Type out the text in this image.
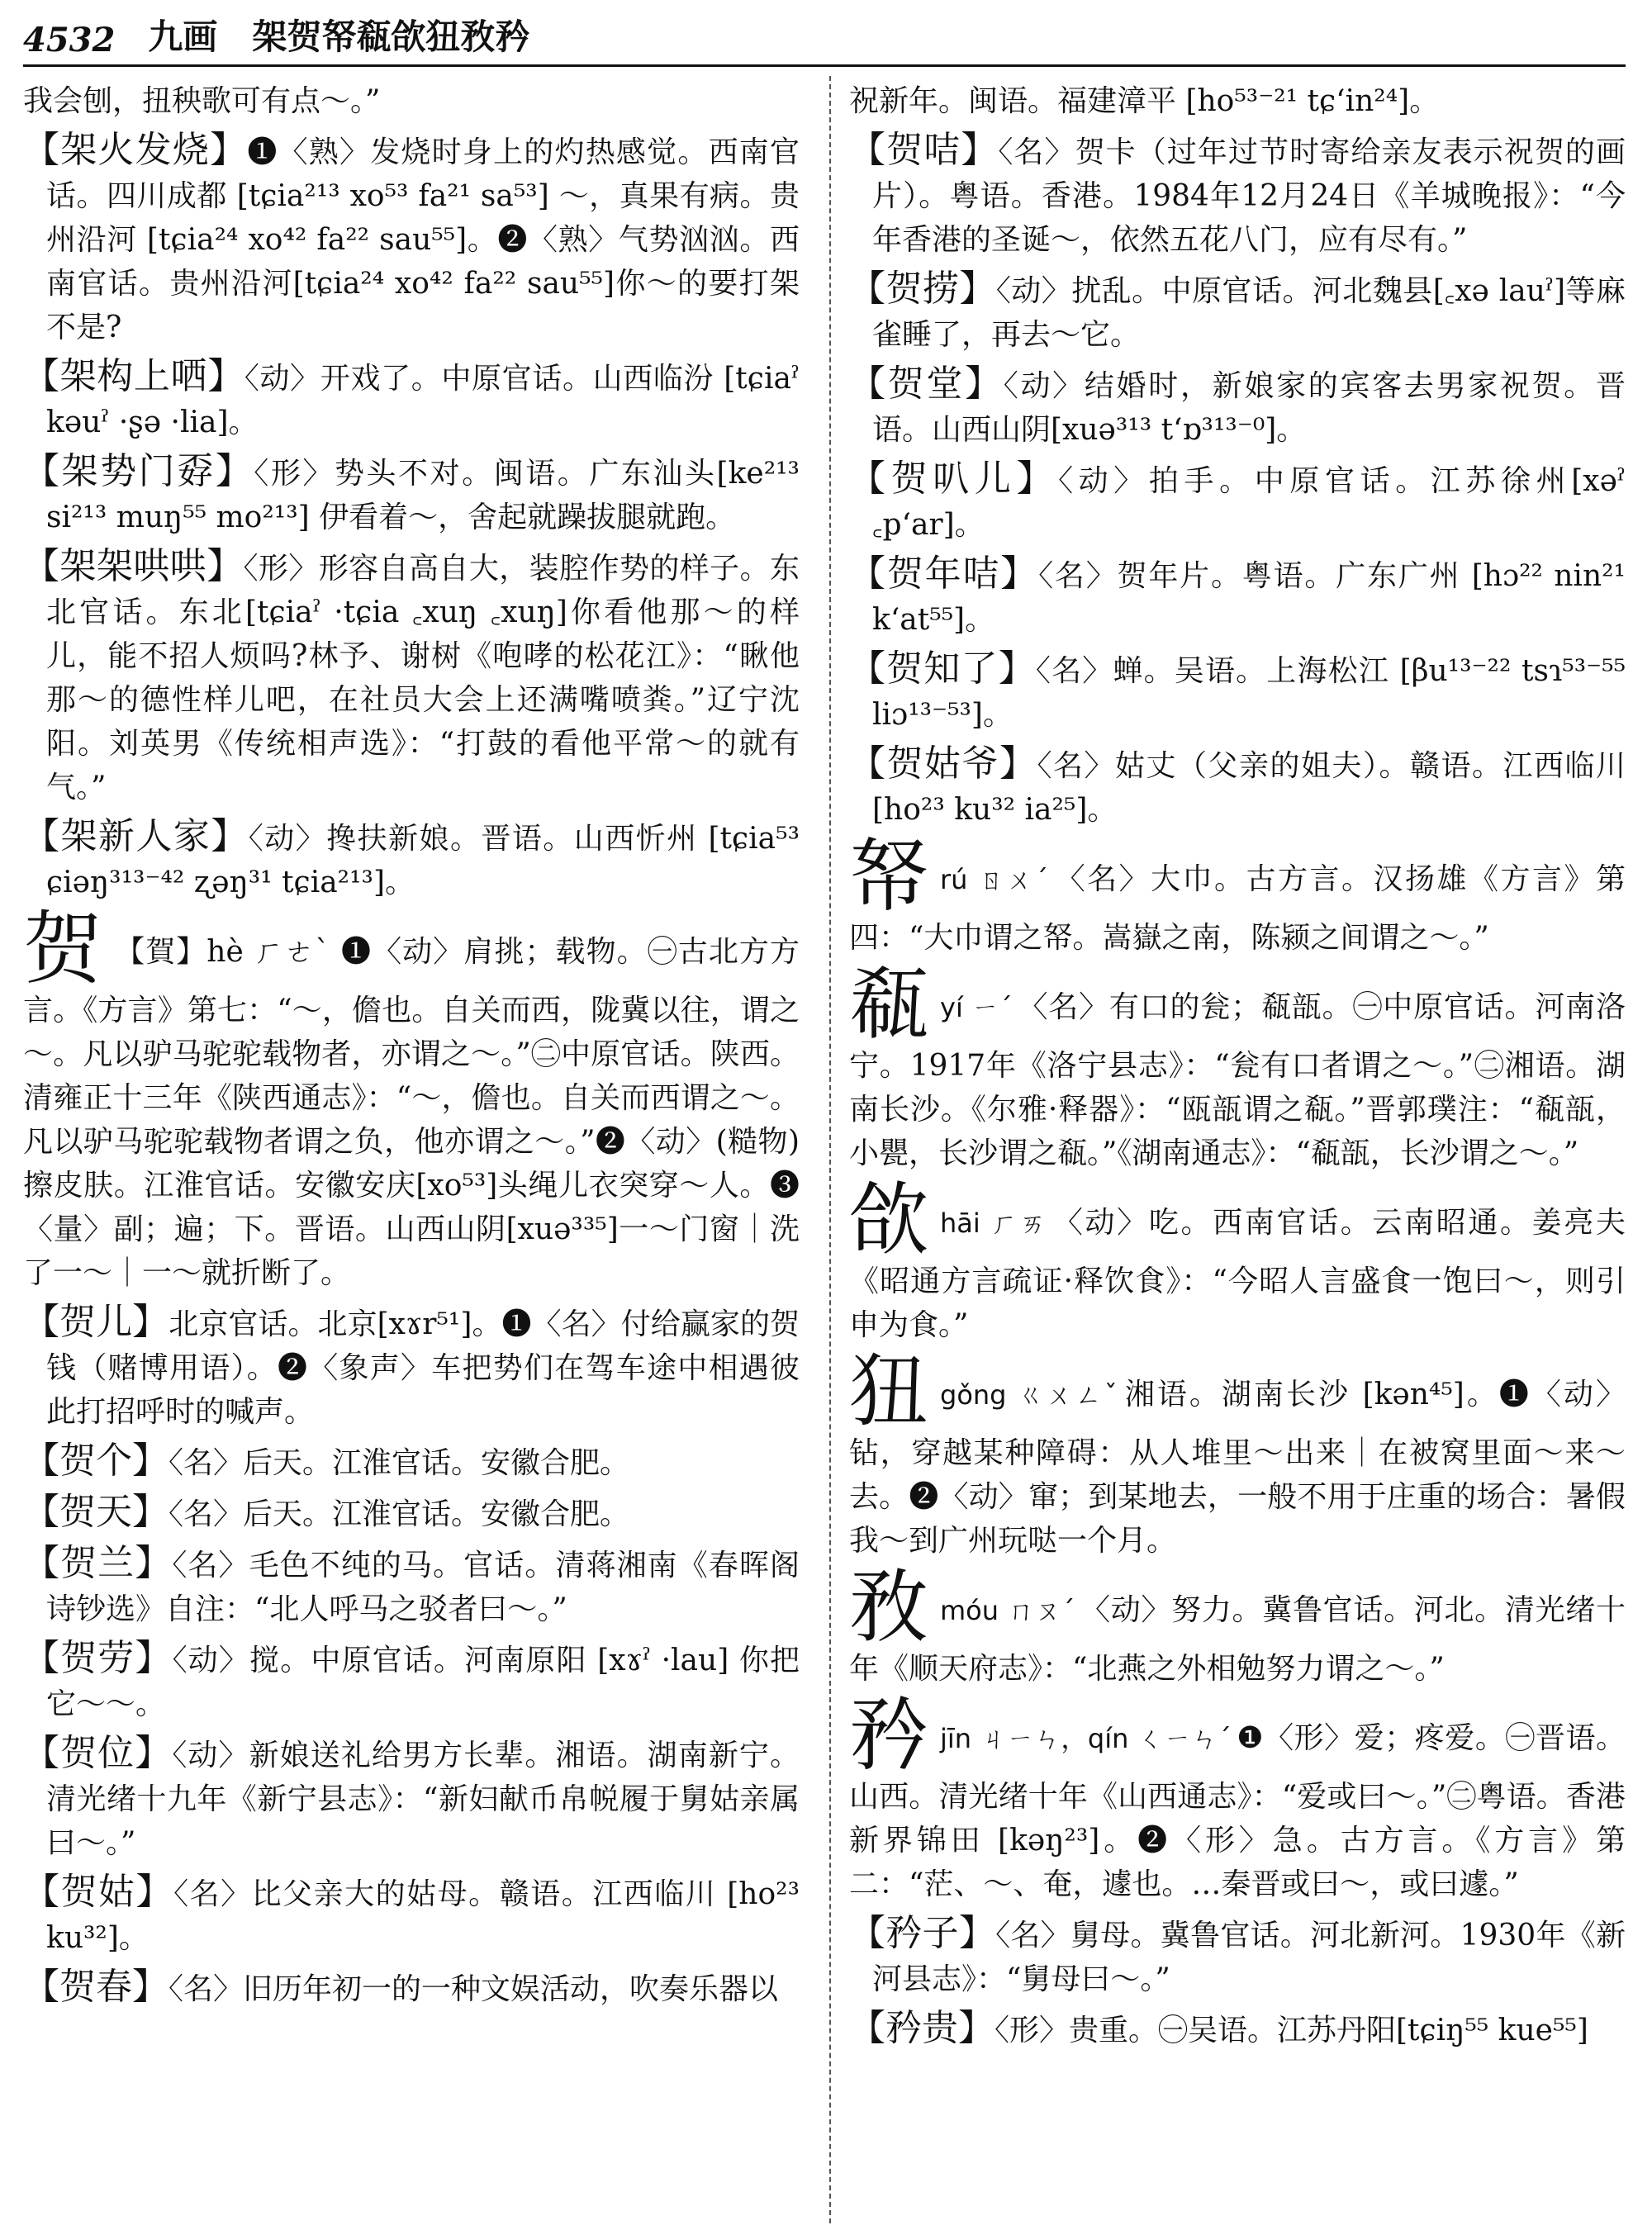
4532 九画　架贺帑瓻欱狃敄矜

我会刨，扭秧歌可有点～。”

【架火发烧】❶〈熟〉发烧时身上的灼热感觉。西南官话。四川成都 [tɕia²¹³ xo⁵³ fa²¹ sa⁵³] ～，真果有病。贵州沿河 [tɕia²⁴ xo⁴² fa²² sau⁵⁵]。❷〈熟〉气势汹汹。西南官话。贵州沿河[tɕia²⁴ xo⁴² fa²² sau⁵⁵]你～的要打架不是?

【架构上哂】〈动〉开戏了。中原官话。山西临汾 [tɕiaˀ kəuˀ ·ʂə ·lia]。

【架势门孬】〈形〉势头不对。闽语。广东汕头[ke²¹³ si²¹³ muŋ⁵⁵ mo²¹³] 伊看着～，舍起就躁拔腿就跑。

【架架哄哄】〈形〉形容自高自大，装腔作势的样子。东北官话。东北[tɕiaˀ ·tɕia ꜀xuŋ ꜀xuŋ]你看他那～的样儿，能不招人烦吗?林予、谢树《咆哮的松花江》：“瞅他那～的德性样儿吧，在社员大会上还满嘴喷粪。”辽宁沈阳。刘英男《传统相声选》：“打鼓的看他平常～的就有气。”

【架新人家】〈动〉搀扶新娘。晋语。山西忻州 [tɕia⁵³ ɕiəŋ³¹³⁻⁴² ʐəŋ³¹ tɕia²¹³]。

贺 【賀】hè ㄏㄜˋ ❶〈动〉肩挑；载物。㊀古北方方言。《方言》第七：“～，儋也。自关而西，陇冀以往，谓之～。凡以驴马驼驼载物者，亦谓之～。”㊁中原官话。陕西。清雍正十三年《陕西通志》：“～，儋也。自关而西谓之～。凡以驴马驼驼载物者谓之负，他亦谓之～。”❷〈动〉(糙物)擦皮肤。江淮官话。安徽安庆[xo⁵³]头绳儿衣突穿～人。❸〈量〉副；遍；下。晋语。山西山阴[xuə³³⁵]一～门窗｜洗了一～｜一～就折断了。

【贺儿】北京官话。北京[xɤr⁵¹]。❶〈名〉付给赢家的贺钱（赌博用语）。❷〈象声〉车把势们在驾车途中相遇彼此打招呼时的喊声。

【贺个】〈名〉后天。江淮官话。安徽合肥。

【贺天】〈名〉后天。江淮官话。安徽合肥。

【贺兰】〈名〉毛色不纯的马。官话。清蒋湘南《春晖阁诗钞选》自注：“北人呼马之驳者曰～。”

【贺劳】〈动〉搅。中原官话。河南原阳 [xɤˀ ·lau] 你把它～～。

【贺位】〈动〉新娘送礼给男方长辈。湘语。湖南新宁。清光绪十九年《新宁县志》：“新妇献币帛帨履于舅姑亲属曰～。”

【贺姑】〈名〉比父亲大的姑母。赣语。江西临川 [ho²³ ku³²]。

【贺春】〈名〉旧历年初一的一种文娱活动，吹奏乐器以

祝新年。闽语。福建漳平 [ho⁵³⁻²¹ tɕʻin²⁴]。

【贺咭】〈名〉贺卡（过年过节时寄给亲友表示祝贺的画片）。粤语。香港。1984年12月24日《羊城晚报》：“今年香港的圣诞～，依然五花八门，应有尽有。”

【贺捞】〈动〉扰乱。中原官话。河北魏县[꜀xə lauˀ]等麻雀睡了，再去～它。

【贺堂】〈动〉结婚时，新娘家的宾客去男家祝贺。晋语。山西山阴[xuə³¹³ tʻɒ³¹³⁻⁰]。

【贺叭儿】〈动〉拍手。中原官话。江苏徐州[xəˀ ꜀pʻar]。

【贺年咭】〈名〉贺年片。粤语。广东广州 [hɔ²² nin²¹ kʻat⁵⁵]。

【贺知了】〈名〉蝉。吴语。上海松江 [βu¹³⁻²² tsɿ⁵³⁻⁵⁵ liɔ¹³⁻⁵³]。

【贺姑爷】〈名〉姑丈（父亲的姐夫）。赣语。江西临川 [ho²³ ku³² ia²⁵]。

帑rú ㄖㄨˊ 〈名〉大巾。古方言。汉扬雄《方言》第四：“大巾谓之帑。嵩嶽之南，陈颍之间谓之～。”

瓻yí ㄧˊ 〈名〉有口的瓮；瓻瓿。㊀中原官话。河南洛宁。1917年《洛宁县志》：“瓮有口者谓之～。”㊁湘语。湖南长沙。《尔雅·释器》：“瓯瓿谓之瓻。”晋郭璞注：“瓻瓿，小甖，长沙谓之瓻。”《湖南通志》：“瓻瓿，长沙谓之～。”

欱hāi ㄏㄞ 〈动〉吃。西南官话。云南昭通。姜亮夫《昭通方言疏证·释饮食》：“今昭人言盛食一饱曰～，则引申为食。”

狃gǒng ㄍㄨㄥˇ 湘语。湖南长沙 [kən⁴⁵]。❶〈动〉钻，穿越某种障碍：从人堆里～出来｜在被窝里面～来～去。❷〈动〉窜；到某地去，一般不用于庄重的场合：暑假我～到广州玩哒一个月。

敄móu ㄇㄡˊ 〈动〉努力。冀鲁官话。河北。清光绪十年《顺天府志》：“北燕之外相勉努力谓之～。”

矜jīn ㄐㄧㄣ，qín ㄑㄧㄣˊ ❶〈形〉爱；疼爱。㊀晋语。山西。清光绪十年《山西通志》：“爱或曰～。”㊁粤语。香港新界锦田 [kəŋ²³]。❷〈形〉急。古方言。《方言》第二：“茫、～、奄，遽也。…秦晋或曰～，或曰遽。”

【矜子】〈名〉舅母。冀鲁官话。河北新河。1930年《新河县志》：“舅母曰～。”

【矜贵】〈形〉贵重。㊀吴语。江苏丹阳[tɕiŋ⁵⁵ kue⁵⁵]
